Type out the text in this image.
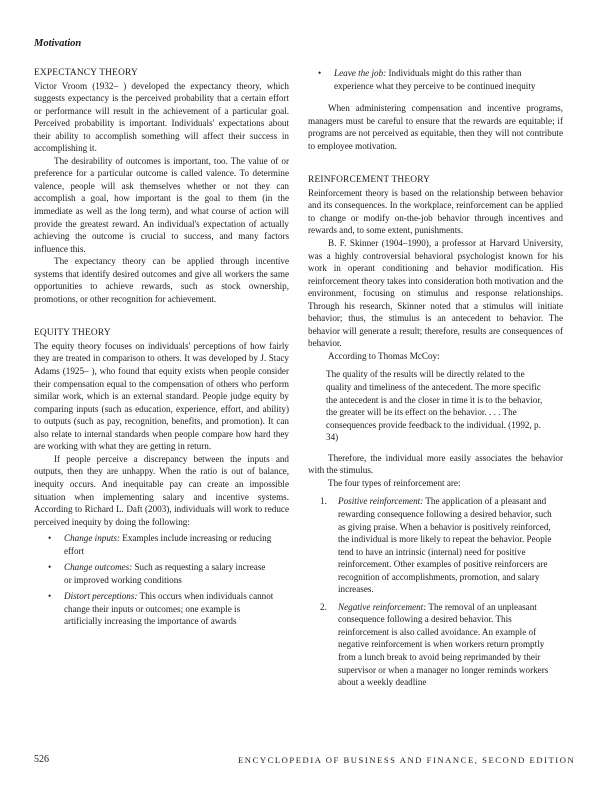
Motivation
EXPECTANCY THEORY

Victor Vroom (1932– ) developed the expectancy theory, which suggests expectancy is the perceived probability that a certain effort or performance will result in the achievement of a particular goal. Perceived probability is important. Individuals' expectations about their ability to accomplish something will affect their success in accomplishing it.

The desirability of outcomes is important, too. The value of or preference for a particular outcome is called valence. To determine valence, people will ask themselves whether or not they can accomplish a goal, how important is the goal to them (in the immediate as well as the long term), and what course of action will provide the greatest reward. An individual's expectation of actually achieving the outcome is crucial to success, and many factors influence this.

The expectancy theory can be applied through incentive systems that identify desired outcomes and give all workers the same opportunities to achieve rewards, such as stock ownership, promotions, or other recognition for achievement.

EQUITY THEORY

The equity theory focuses on individuals' perceptions of how fairly they are treated in comparison to others. It was developed by J. Stacy Adams (1925– ), who found that equity exists when people consider their compensation equal to the compensation of others who perform similar work, which is an external standard. People judge equity by comparing inputs (such as education, experience, effort, and ability) to outputs (such as pay, recognition, benefits, and promotion). It can also relate to internal standards when people compare how hard they are working with what they are getting in return.

If people perceive a discrepancy between the inputs and outputs, then they are unhappy. When the ratio is out of balance, inequity occurs. And inequitable pay can create an impossible situation when implementing salary and incentive systems. According to Richard L. Daft (2003), individuals will work to reduce perceived inequity by doing the following:

• Change inputs: Examples include increasing or reducing effort
• Change outcomes: Such as requesting a salary increase or improved working conditions
• Distort perceptions: This occurs when individuals cannot change their inputs or outcomes; one example is artificially increasing the importance of awards
• Leave the job: Individuals might do this rather than experience what they perceive to be continued inequity

When administering compensation and incentive programs, managers must be careful to ensure that the rewards are equitable; if programs are not perceived as equitable, then they will not contribute to employee motivation.

REINFORCEMENT THEORY

Reinforcement theory is based on the relationship between behavior and its consequences. In the workplace, reinforcement can be applied to change or modify on-the-job behavior through incentives and rewards and, to some extent, punishments.

B. F. Skinner (1904–1990), a professor at Harvard University, was a highly controversial behavioral psychologist known for his work in operant conditioning and behavior modification. His reinforcement theory takes into consideration both motivation and the environment, focusing on stimulus and response relationships. Through his research, Skinner noted that a stimulus will initiate behavior; thus, the stimulus is an antecedent to behavior. The behavior will generate a result; therefore, results are consequences of behavior.

According to Thomas McCoy:

The quality of the results will be directly related to the quality and timeliness of the antecedent. The more specific the antecedent is and the closer in time it is to the behavior, the greater will be its effect on the behavior. . . . The consequences provide feedback to the individual. (1992, p. 34)

Therefore, the individual more easily associates the behavior with the stimulus.

The four types of reinforcement are:

1. Positive reinforcement: The application of a pleasant and rewarding consequence following a desired behavior, such as giving praise. When a behavior is positively reinforced, the individual is more likely to repeat the behavior. People tend to have an intrinsic (internal) need for positive reinforcement. Other examples of positive reinforcers are recognition of accomplishments, promotion, and salary increases.
2. Negative reinforcement: The removal of an unpleasant consequence following a desired behavior. This reinforcement is also called avoidance. An example of negative reinforcement is when workers return promptly from a lunch break to avoid being reprimanded by their supervisor or when a manager no longer reminds workers about a weekly deadline
526	ENCYCLOPEDIA OF BUSINESS AND FINANCE, SECOND EDITION
